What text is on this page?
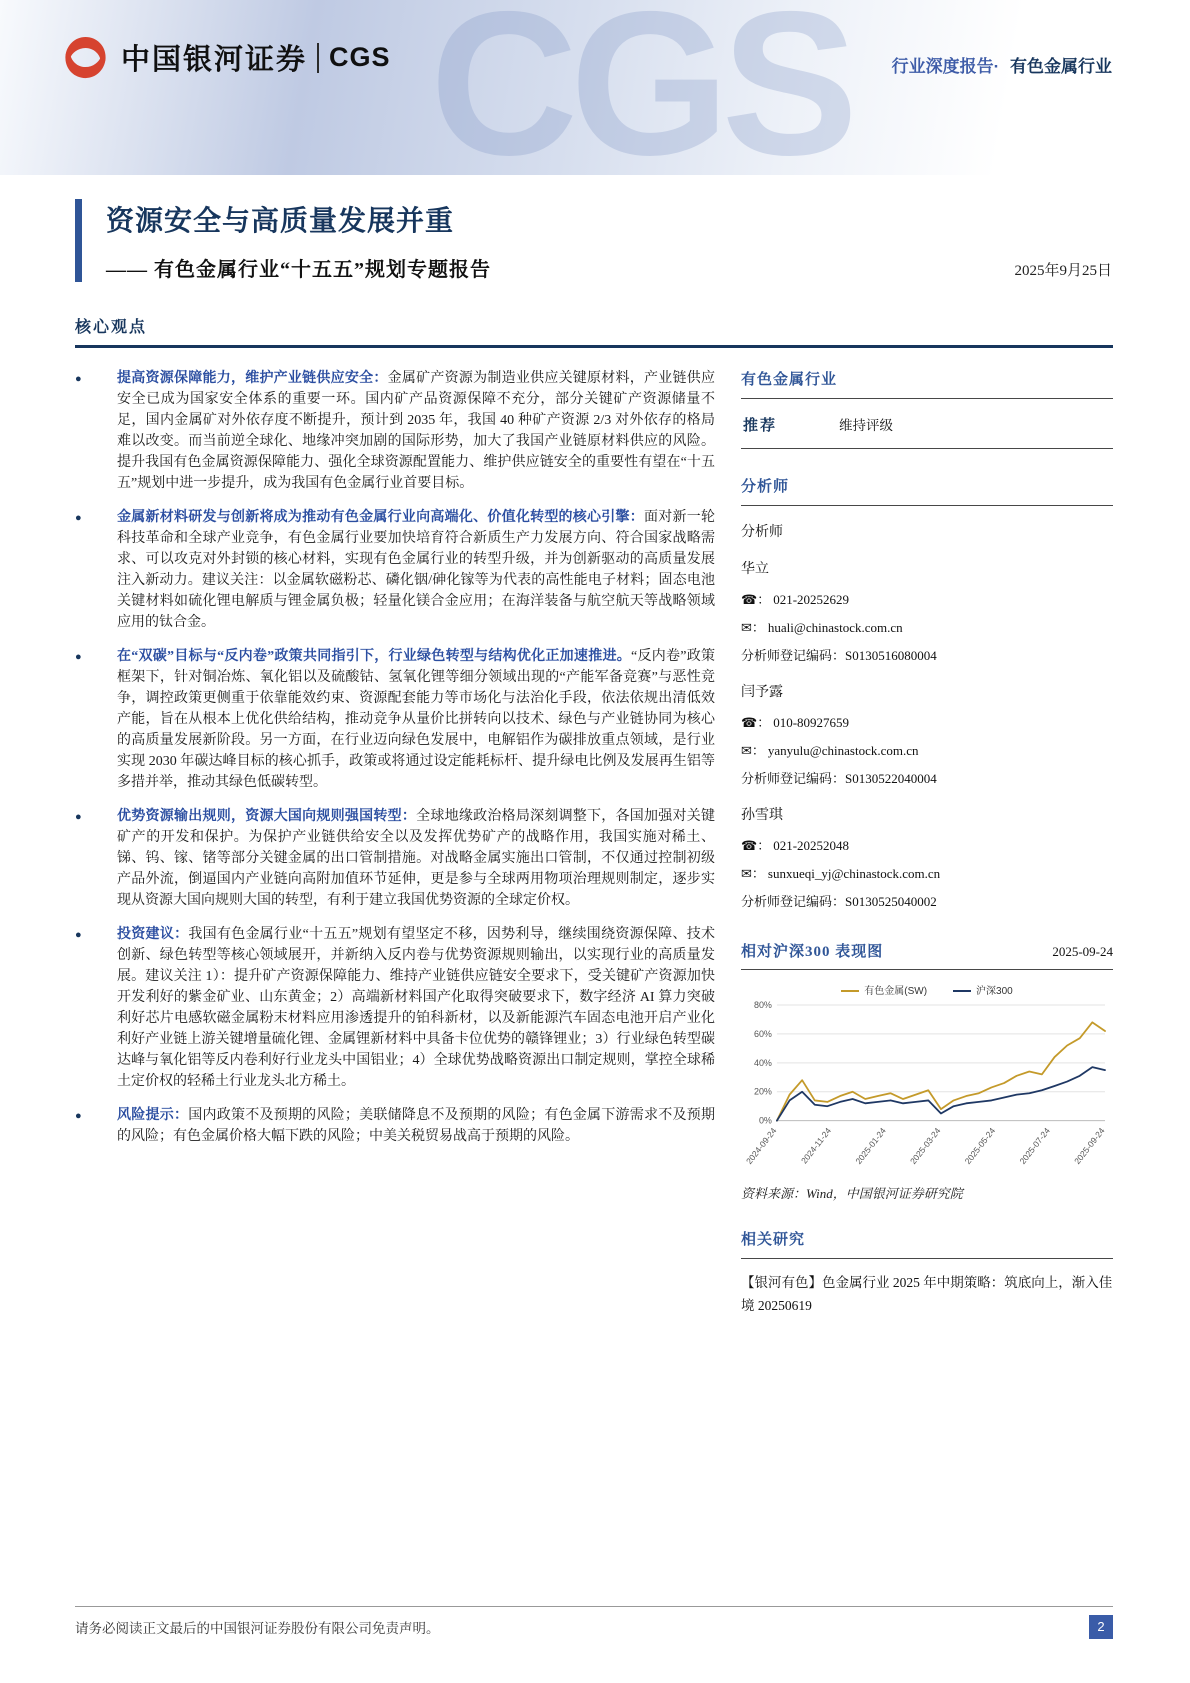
CGS
中国银河证券 CGS	行业深度报告· 有色金属行业
资源安全与高质量发展并重
—— 有色金属行业“十五五”规划专题报告	2025年9月25日
核心观点
●	提高资源保障能力，维护产业链供应安全：金属矿产资源为制造业供应关键原材料，产业链供应安全已成为国家安全体系的重要一环。国内矿产品资源保障不充分，部分关键矿产资源储量不足，国内金属矿对外依存度不断提升，预计到 2035 年，我国 40 种矿产资源 2/3 对外依存的格局难以改变。而当前逆全球化、地缘冲突加剧的国际形势，加大了我国产业链原材料供应的风险。提升我国有色金属资源保障能力、强化全球资源配置能力、维护供应链安全的重要性有望在“十五五”规划中进一步提升，成为我国有色金属行业首要目标。

●	金属新材料研发与创新将成为推动有色金属行业向高端化、价值化转型的核心引擎：面对新一轮科技革命和全球产业竞争，有色金属行业要加快培育符合新质生产力发展方向、符合国家战略需求、可以攻克对外封锁的核心材料，实现有色金属行业的转型升级，并为创新驱动的高质量发展注入新动力。建议关注：以金属软磁粉芯、磷化铟/砷化镓等为代表的高性能电子材料；固态电池关键材料如硫化锂电解质与锂金属负极；轻量化镁合金应用；在海洋装备与航空航天等战略领域应用的钛合金。

●	在“双碳”目标与“反内卷”政策共同指引下，行业绿色转型与结构优化正加速推进。“反内卷”政策框架下，针对铜冶炼、氧化铝以及硫酸钴、氢氧化锂等细分领域出现的“产能军备竞赛”与恶性竞争，调控政策更侧重于依靠能效约束、资源配套能力等市场化与法治化手段，依法依规出清低效产能，旨在从根本上优化供给结构，推动竞争从量价比拼转向以技术、绿色与产业链协同为核心的高质量发展新阶段。另一方面，在行业迈向绿色发展中，电解铝作为碳排放重点领域，是行业实现 2030 年碳达峰目标的核心抓手，政策或将通过设定能耗标杆、提升绿电比例及发展再生铝等多措并举，推动其绿色低碳转型。

●	优势资源输出规则，资源大国向规则强国转型：全球地缘政治格局深刻调整下，各国加强对关键矿产的开发和保护。为保护产业链供给安全以及发挥优势矿产的战略作用，我国实施对稀土、锑、钨、镓、锗等部分关键金属的出口管制措施。对战略金属实施出口管制，不仅通过控制初级产品外流，倒逼国内产业链向高附加值环节延伸，更是参与全球两用物项治理规则制定，逐步实现从资源大国向规则大国的转型，有利于建立我国优势资源的全球定价权。

●	投资建议：我国有色金属行业“十五五”规划有望坚定不移，因势利导，继续围绕资源保障、技术创新、绿色转型等核心领域展开，并新纳入反内卷与优势资源规则输出，以实现行业的高质量发展。建议关注 1）：提升矿产资源保障能力、维持产业链供应链安全要求下，受关键矿产资源加快开发利好的紫金矿业、山东黄金；2）高端新材料国产化取得突破要求下，数字经济 AI 算力突破利好芯片电感软磁金属粉末材料应用渗透提升的铂科新材，以及新能源汽车固态电池开启产业化利好产业链上游关键增量硫化锂、金属锂新材料中具备卡位优势的赣锋锂业；3）行业绿色转型碳达峰与氧化铝等反内卷利好行业龙头中国铝业；4）全球优势战略资源出口制定规则，掌控全球稀土定价权的轻稀土行业龙头北方稀土。

●	风险提示：国内政策不及预期的风险；美联储降息不及预期的风险；有色金属下游需求不及预期的风险；有色金属价格大幅下跌的风险；中美关税贸易战高于预期的风险。

有色金属行业
推荐	维持评级
分析师
分析师
华立
☎： 021-20252629
✉： huali@chinastock.com.cn
分析师登记编码：S0130516080004
闫予露
☎： 010-80927659
✉： yanyulu@chinastock.com.cn
分析师登记编码：S0130522040004
孙雪琪
☎： 021-20252048
✉： sunxueqi_yj@chinastock.com.cn
分析师登记编码：S0130525040002
相对沪深300 表现图	2025-09-24
有色金属(SW)	沪深300
0%
20%
40%
60%
80%
2024-09-24 2024-11-24 2025-01-24 2025-03-24 2025-05-24 2025-07-24 2025-09-24
资料来源：Wind，中国银河证券研究院
相关研究

【银河有色】色金属行业 2025 年中期策略：筑底向上，渐入佳境 20250619

请务必阅读正文最后的中国银河证券股份有限公司免责声明。	2
